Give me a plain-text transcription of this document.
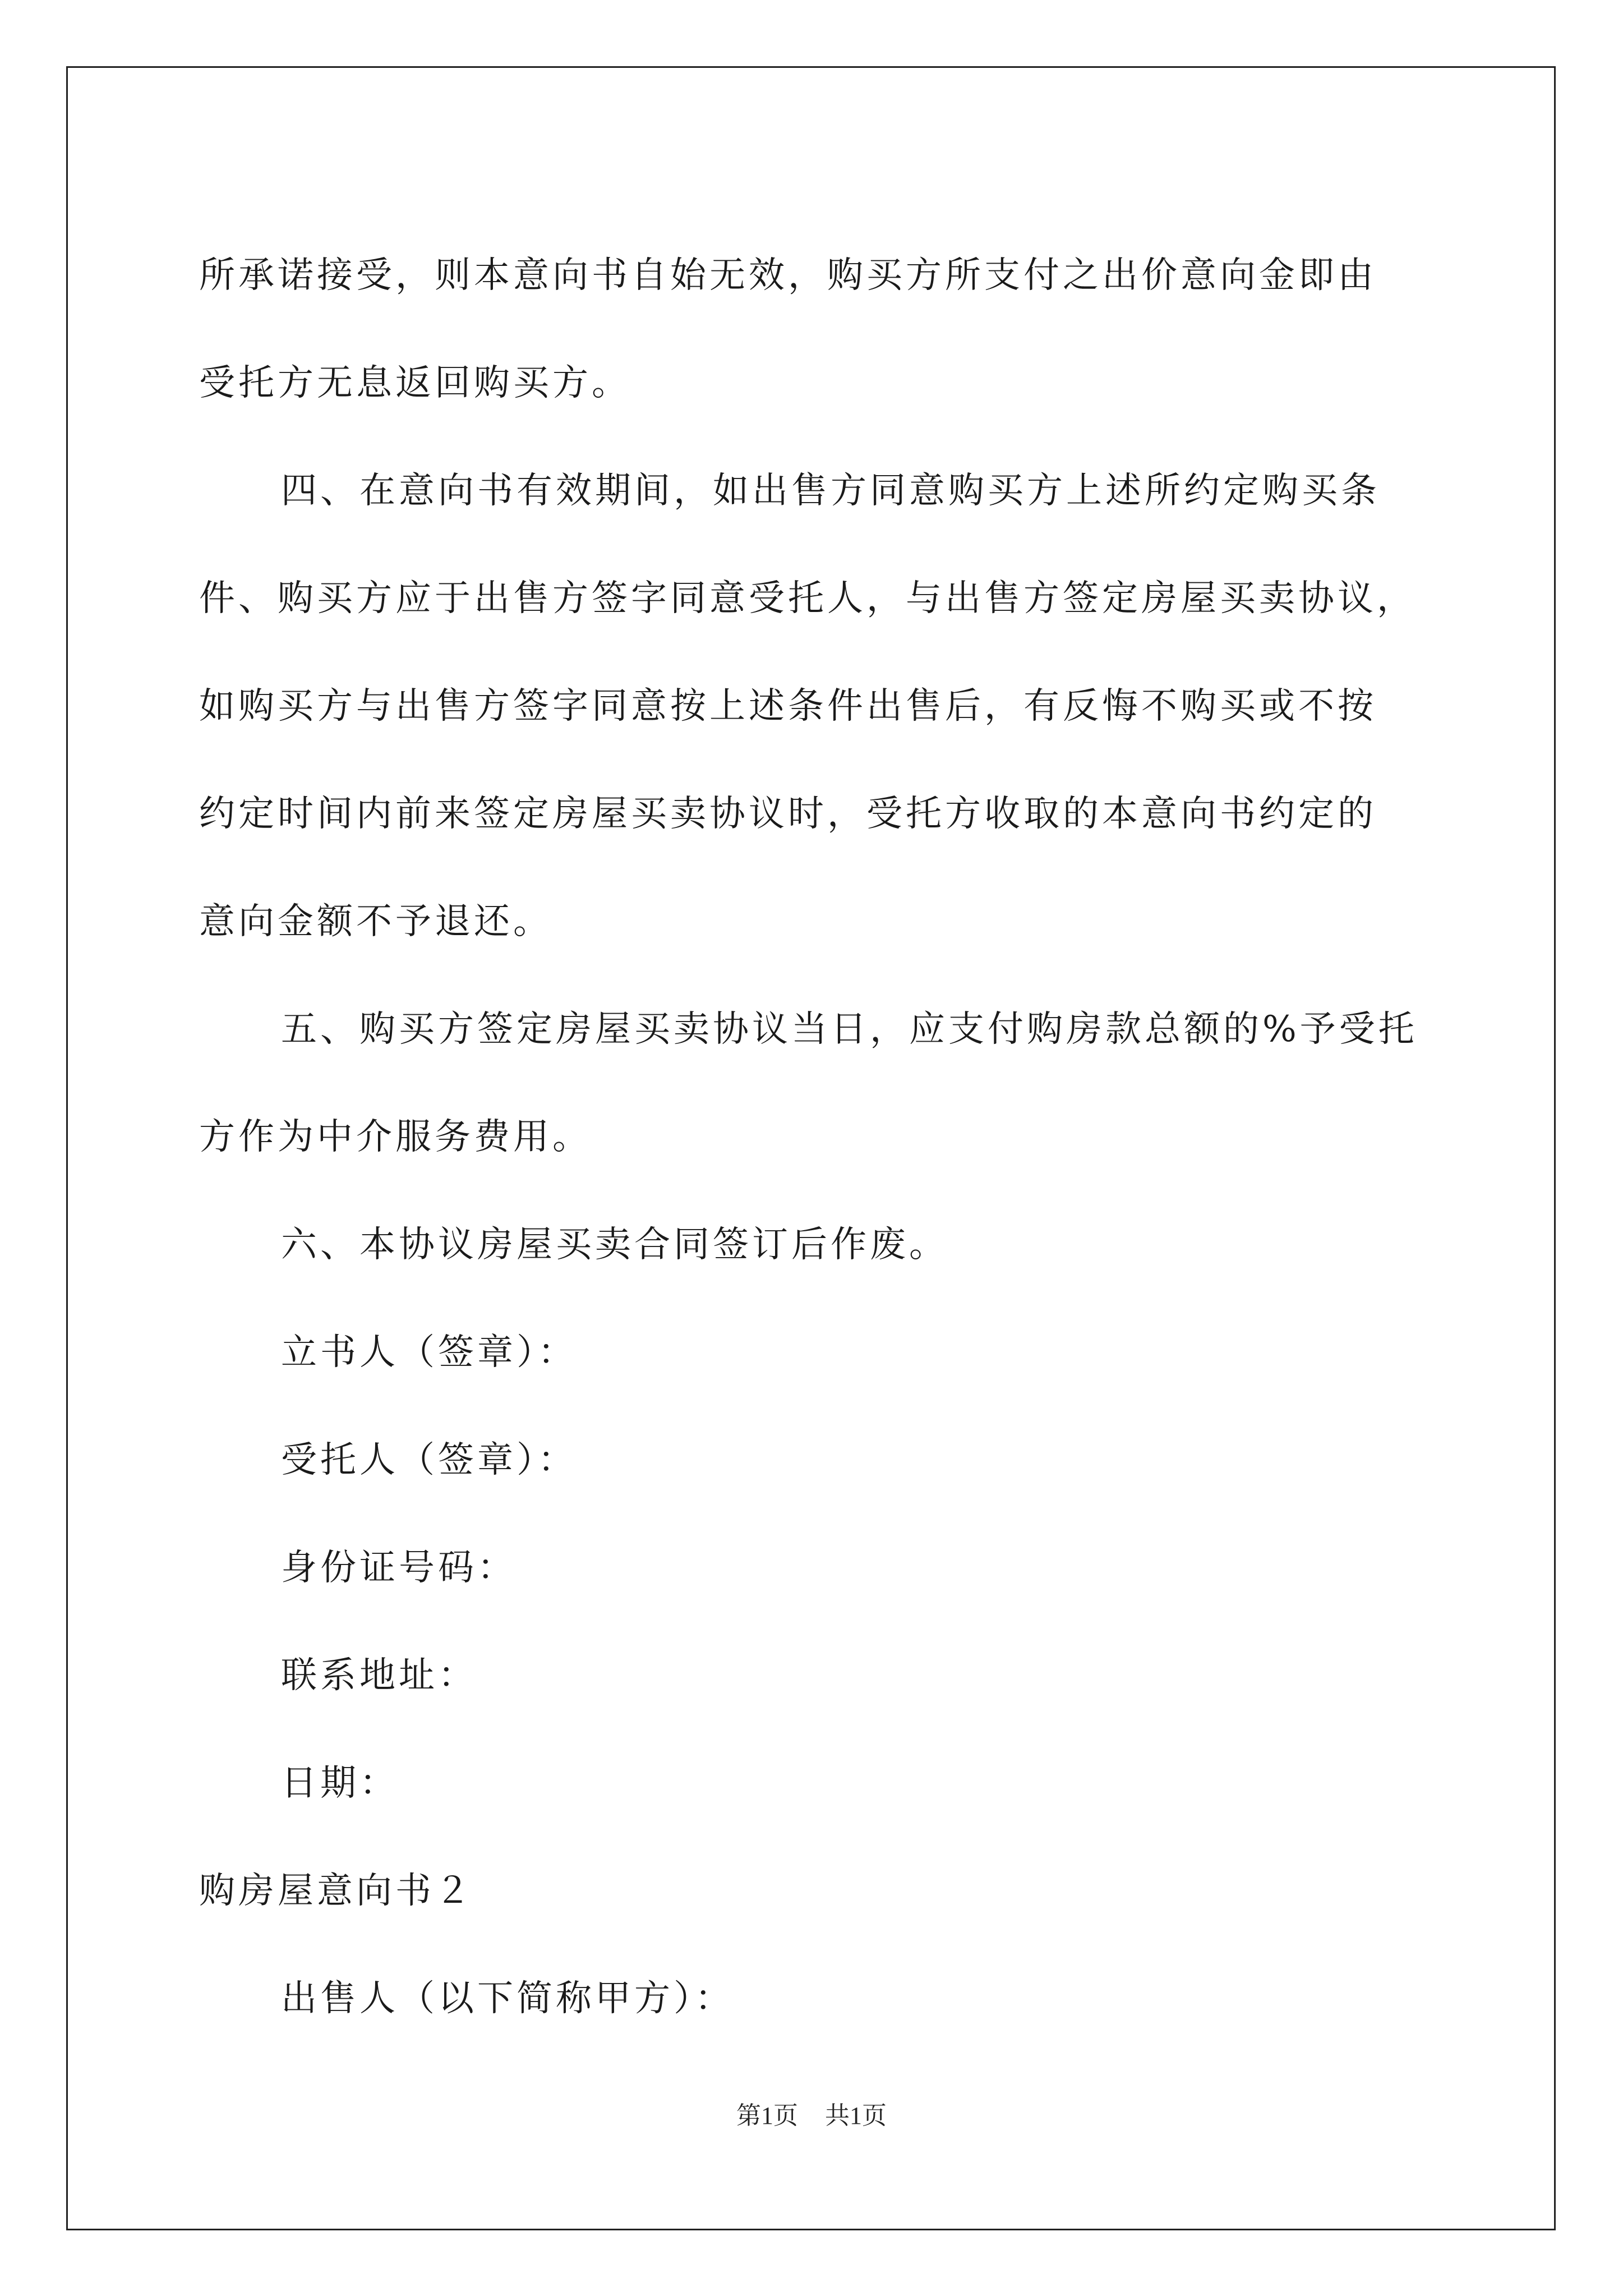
所承诺接受，则本意向书自始无效，购买方所支付之出价意向金即由
受托方无息返回购买方。
四、在意向书有效期间，如出售方同意购买方上述所约定购买条
件、购买方应于出售方签字同意受托人，与出售方签定房屋买卖协议，
如购买方与出售方签字同意按上述条件出售后，有反悔不购买或不按
约定时间内前来签定房屋买卖协议时，受托方收取的本意向书约定的
意向金额不予退还。
五、购买方签定房屋买卖协议当日，应支付购房款总额的%予受托
方作为中介服务费用。
六、本协议房屋买卖合同签订后作废。
立书人（签章）：
受托人（签章）：
身份证号码：
联系地址：
日期：
购房屋意向书２
出售人（以下简称甲方）：
第1页 共1页
